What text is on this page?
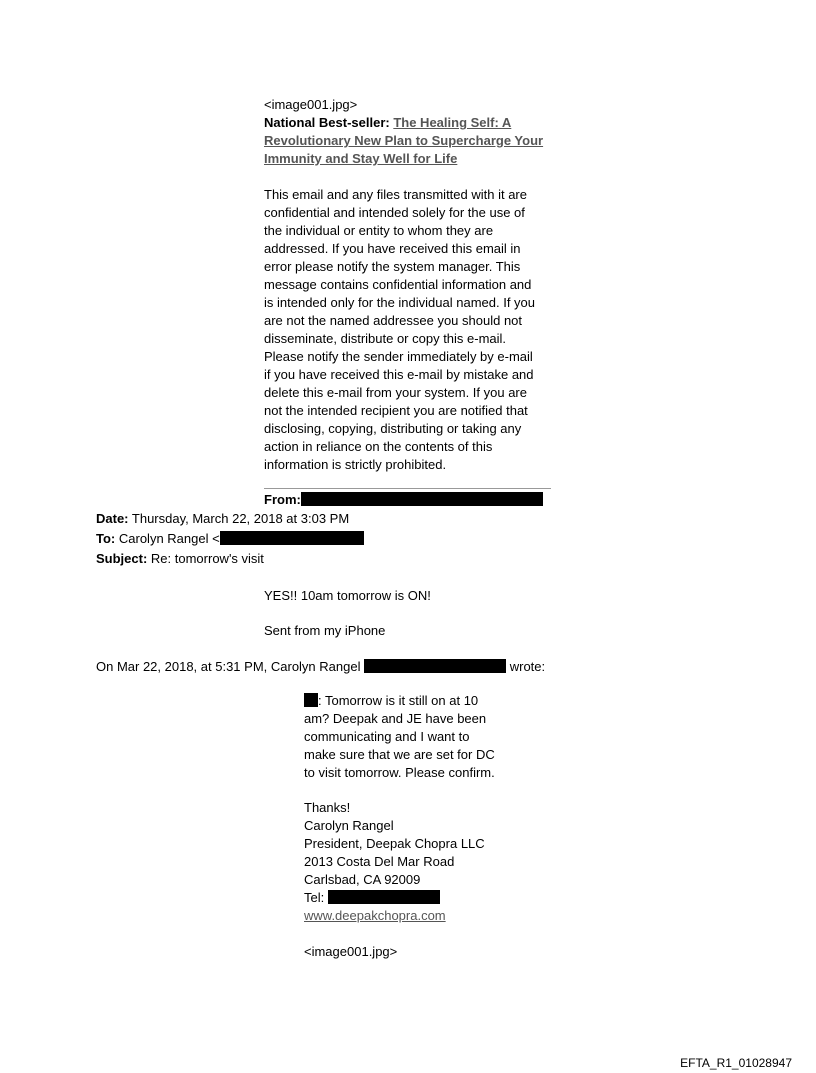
<image001.jpg>
National Best-seller: The Healing Self: A
Revolutionary New Plan to Supercharge Your
Immunity and Stay Well for Life
This email and any files transmitted with it are
confidential and intended solely for the use of
the individual or entity to whom they are
addressed. If you have received this email in
error please notify the system manager. This
message contains confidential information and
is intended only for the individual named. If you
are not the named addressee you should not
disseminate, distribute or copy this e-mail.
Please notify the sender immediately by e-mail
if you have received this e-mail by mistake and
delete this e-mail from your system. If you are
not the intended recipient you are notified that
disclosing, copying, distributing or taking any
action in reliance on the contents of this
information is strictly prohibited.
From:
Date: Thursday, March 22, 2018 at 3:03 PM
To: Carolyn Rangel <
Subject: Re: tomorrow's visit
YES!! 10am tomorrow is ON!
Sent from my iPhone
On Mar 22, 2018, at 5:31 PM, Carolyn Rangel	wrote:
: Tomorrow is it still on at 10
am? Deepak and JE have been
communicating and I want to
make sure that we are set for DC
to visit tomorrow. Please confirm.
Thanks!
Carolyn Rangel
President, Deepak Chopra LLC
2013 Costa Del Mar Road
Carlsbad, CA 92009
Tel:
www.deepakchopra.com
<image001.jpg>
EFTA_R1_01028947
